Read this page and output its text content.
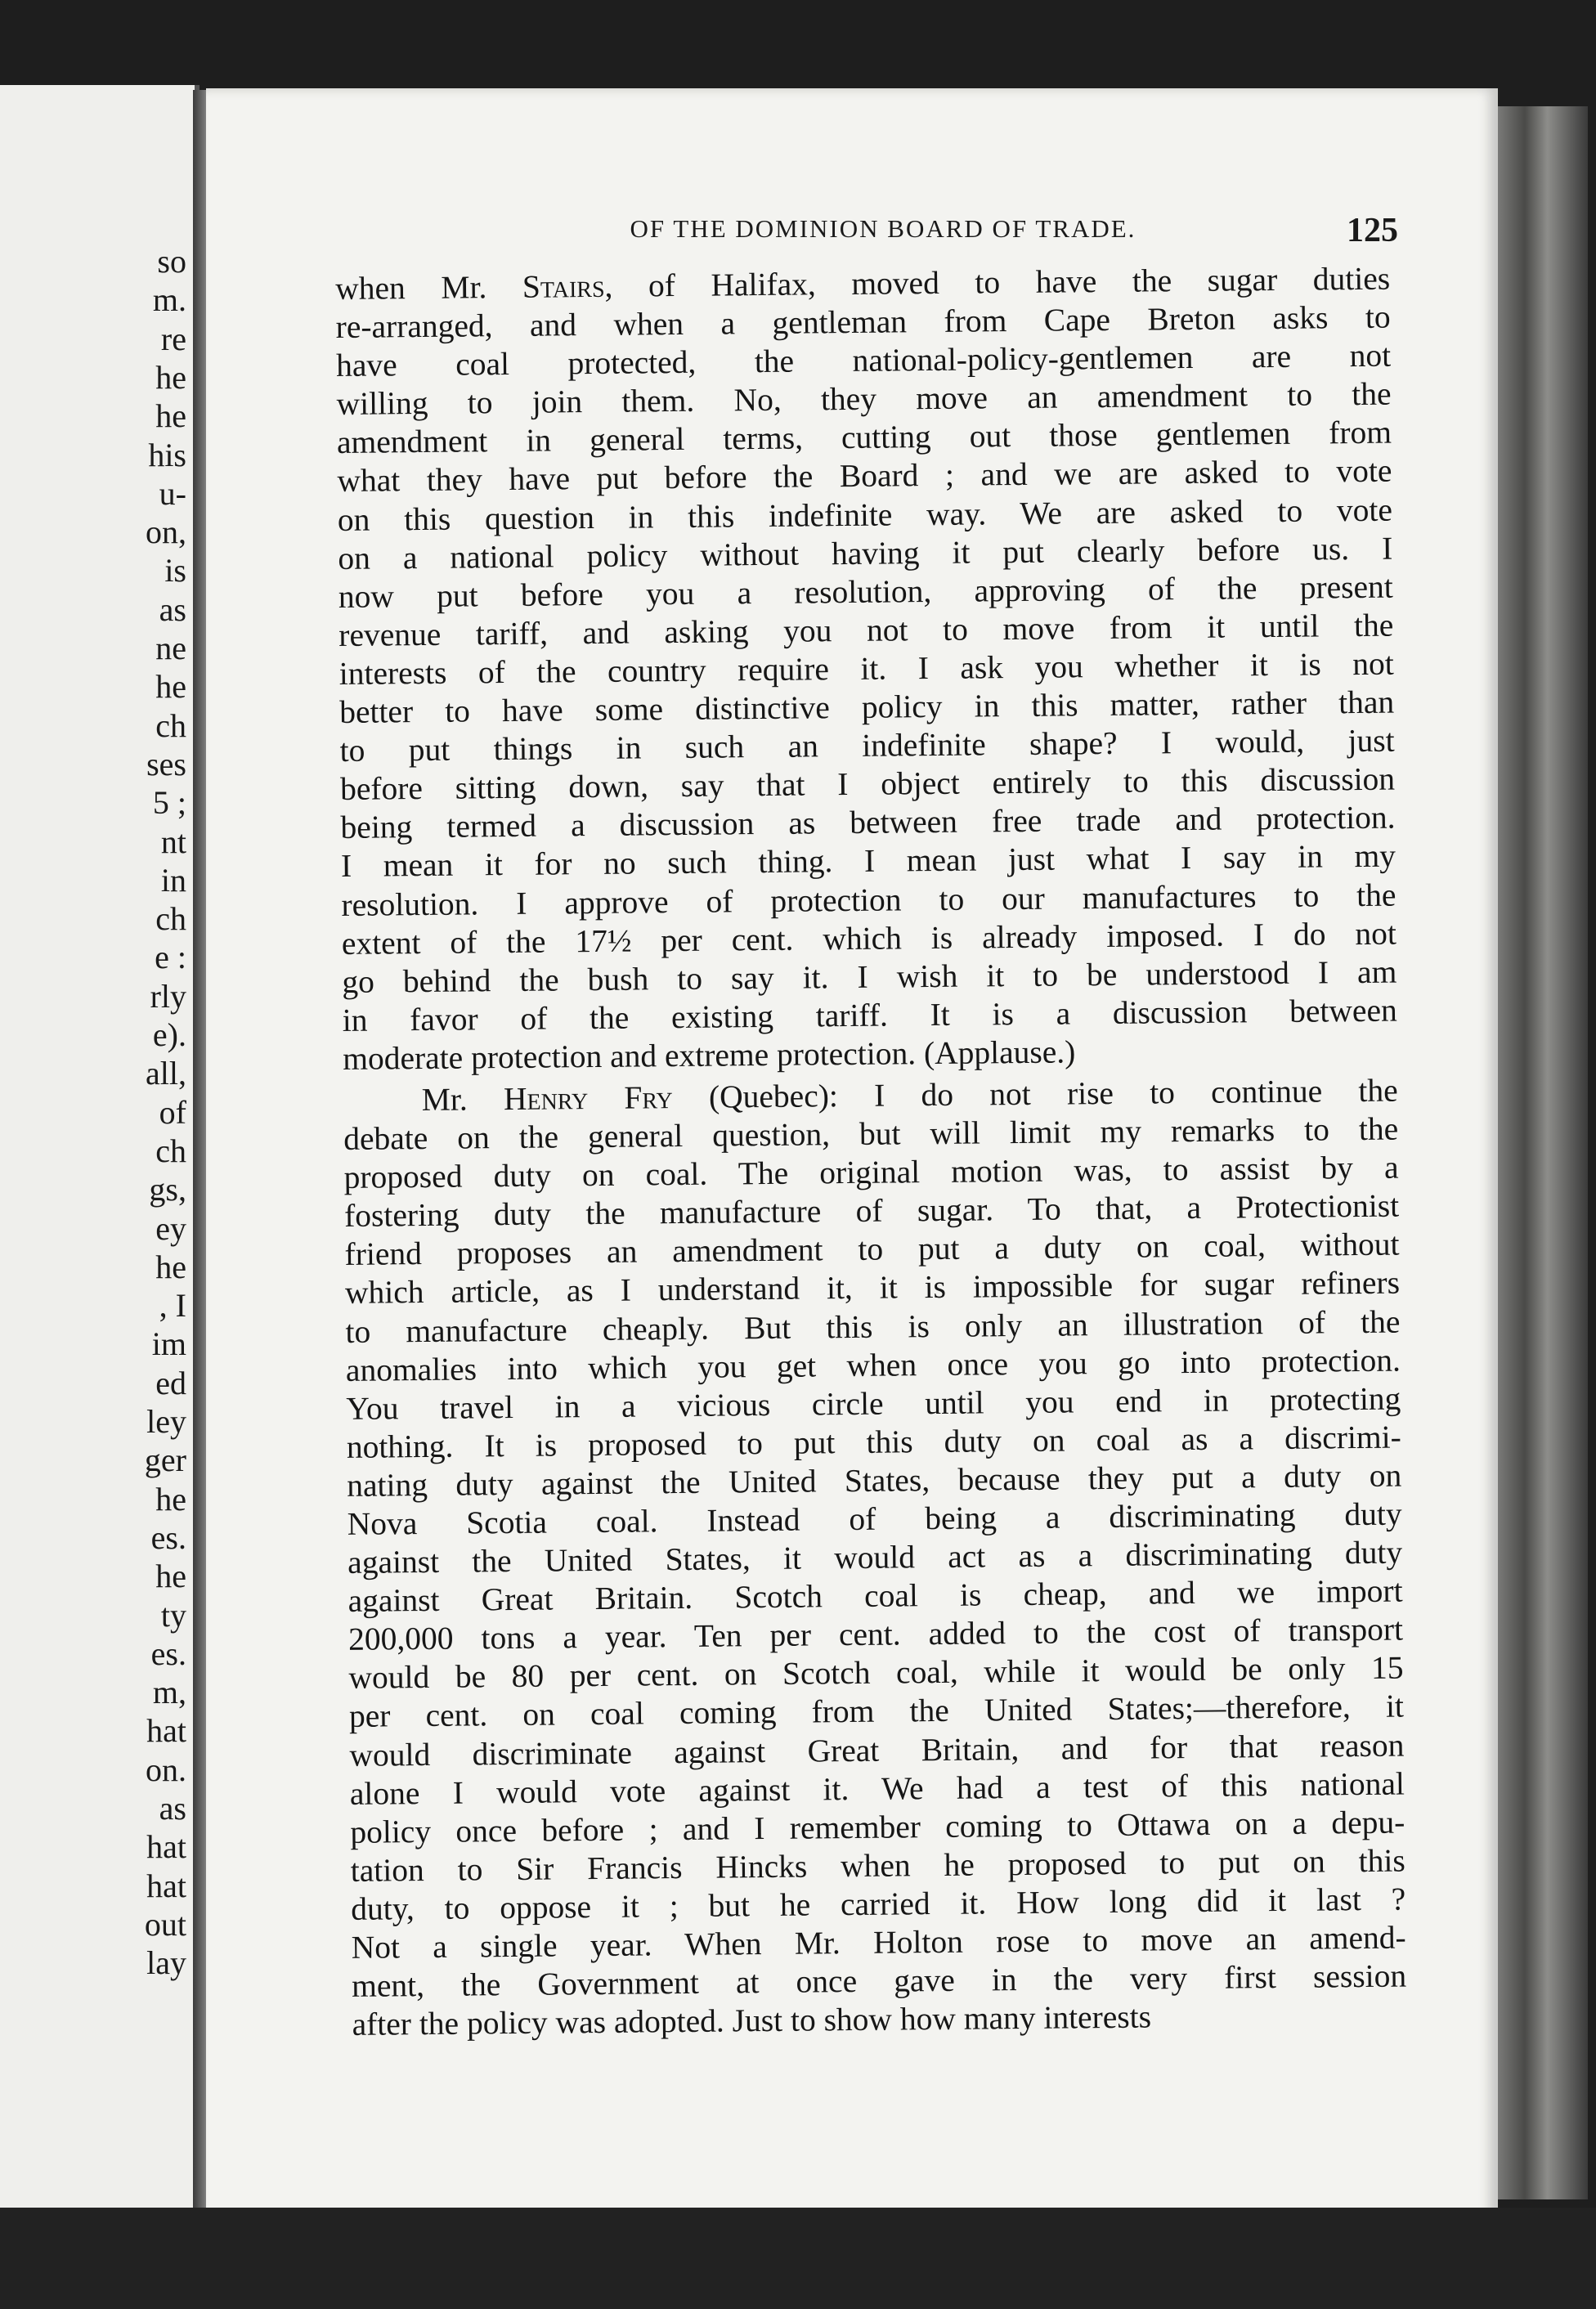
so
m.
re
he
he
his
u-
on,
is
as
ne
he
ch
ses
5 ;
nt
in
ch
e :
rly
e).
all,
of
ch
gs,
ey
he
, I
im
ed
ley
ger
he
es.
he
ty
es.
m,
hat
on.
as
hat
hat
out
lay
OF THE DOMINION BOARD OF TRADE.	125
when Mr. Stairs, of Halifax, moved to have the sugar duties
re-arranged, and when a gentleman from Cape Breton asks to
have coal protected, the national-policy-gentlemen are not
willing to join them. No, they move an amendment to the
amendment in general terms, cutting out those gentlemen from
what they have put before the Board ; and we are asked to vote
on this question in this indefinite way. We are asked to vote
on a national policy without having it put clearly before us. I
now put before you a resolution, approving of the present
revenue tariff, and asking you not to move from it until the
interests of the country require it. I ask you whether it is not
better to have some distinctive policy in this matter, rather than
to put things in such an indefinite shape? I would, just
before sitting down, say that I object entirely to this discussion
being termed a discussion as between free trade and protection.
I mean it for no such thing. I mean just what I say in my
resolution. I approve of protection to our manufactures to the
extent of the 17½ per cent. which is already imposed. I do not
go behind the bush to say it. I wish it to be understood I am
in favor of the existing tariff. It is a discussion between
moderate protection and extreme protection. (Applause.)
Mr. Henry Fry (Quebec): I do not rise to continue the
debate on the general question, but will limit my remarks to the
proposed duty on coal. The original motion was, to assist by a
fostering duty the manufacture of sugar. To that, a Protectionist
friend proposes an amendment to put a duty on coal, without
which article, as I understand it, it is impossible for sugar refiners
to manufacture cheaply. But this is only an illustration of the
anomalies into which you get when once you go into protection.
You travel in a vicious circle until you end in protecting
nothing. It is proposed to put this duty on coal as a discrimi-
nating duty against the United States, because they put a duty on
Nova Scotia coal. Instead of being a discriminating duty
against the United States, it would act as a discriminating duty
against Great Britain. Scotch coal is cheap, and we import
200,000 tons a year. Ten per cent. added to the cost of transport
would be 80 per cent. on Scotch coal, while it would be only 15
per cent. on coal coming from the United States;—therefore, it
would discriminate against Great Britain, and for that reason
alone I would vote against it. We had a test of this national
policy once before ; and I remember coming to Ottawa on a depu-
tation to Sir Francis Hincks when he proposed to put on this
duty, to oppose it ; but he carried it. How long did it last ?
Not a single year. When Mr. Holton rose to move an amend-
ment, the Government at once gave in the very first session
after the policy was adopted. Just to show how many interests
